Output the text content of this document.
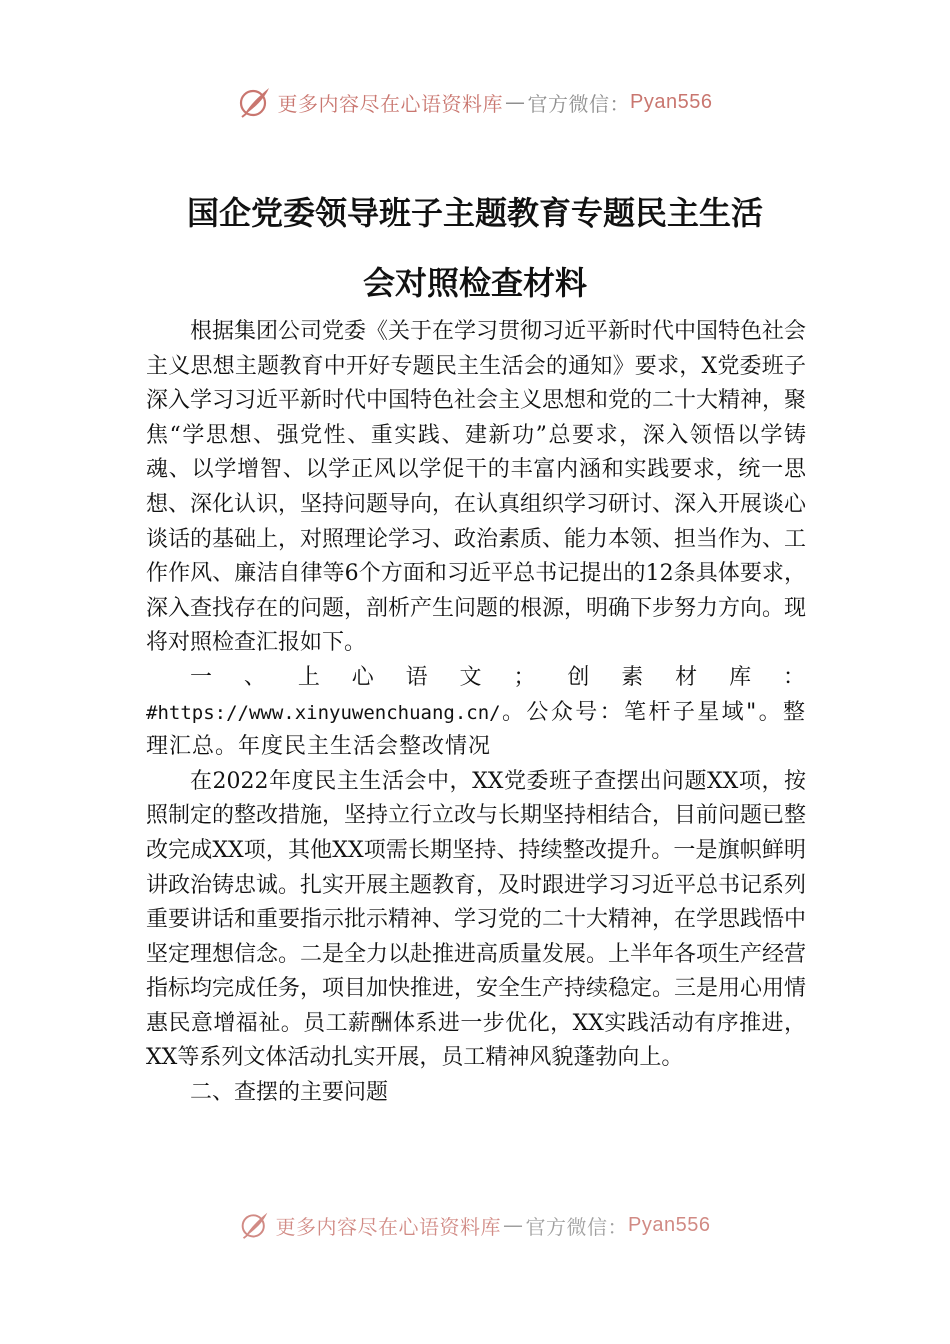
更多内容尽在心语资料库 — 官方微信： Pyan556
国企党委领导班子主题教育专题民主生活
会对照检查材料

根据集团公司党委《关于在学习贯彻习近平新时代中国特色社会主义思想主题教育中开好专题民主生活会的通知》要求，X党委班子深入学习习近平新时代中国特色社会主义思想和党的二十大精神，聚焦“学思想、强党性、重实践、建新功”总要求，深入领悟以学铸魂、以学增智、以学正风以学促干的丰富内涵和实践要求，统一思想、深化认识，坚持问题导向，在认真组织学习研讨、深入开展谈心谈话的基础上，对照理论学习、政治素质、能力本领、担当作为、工作作风、廉洁自律等6个方面和习近平总书记提出的12条具体要求，深入查找存在的问题，剖析产生问题的根源，明确下步努力方向。现将对照检查汇报如下。

一、上心语文；创素材库：#https://www.xinyuwenchuang.cn/。公众号：笔杆子星域"。整理汇总。年度民主生活会整改情况

在2022年度民主生活会中，XX党委班子查摆出问题XX项，按照制定的整改措施，坚持立行立改与长期坚持相结合，目前问题已整改完成XX项，其他XX项需长期坚持、持续整改提升。一是旗帜鲜明讲政治铸忠诚。扎实开展主题教育，及时跟进学习习近平总书记系列重要讲话和重要指示批示精神、学习党的二十大精神，在学思践悟中坚定理想信念。二是全力以赴推进高质量发展。上半年各项生产经营指标均完成任务，项目加快推进，安全生产持续稳定。三是用心用情惠民意增福祉。员工薪酬体系进一步优化，XX实践活动有序推进，XX等系列文体活动扎实开展，员工精神风貌蓬勃向上。

二、查摆的主要问题

更多内容尽在心语资料库 — 官方微信： Pyan556
